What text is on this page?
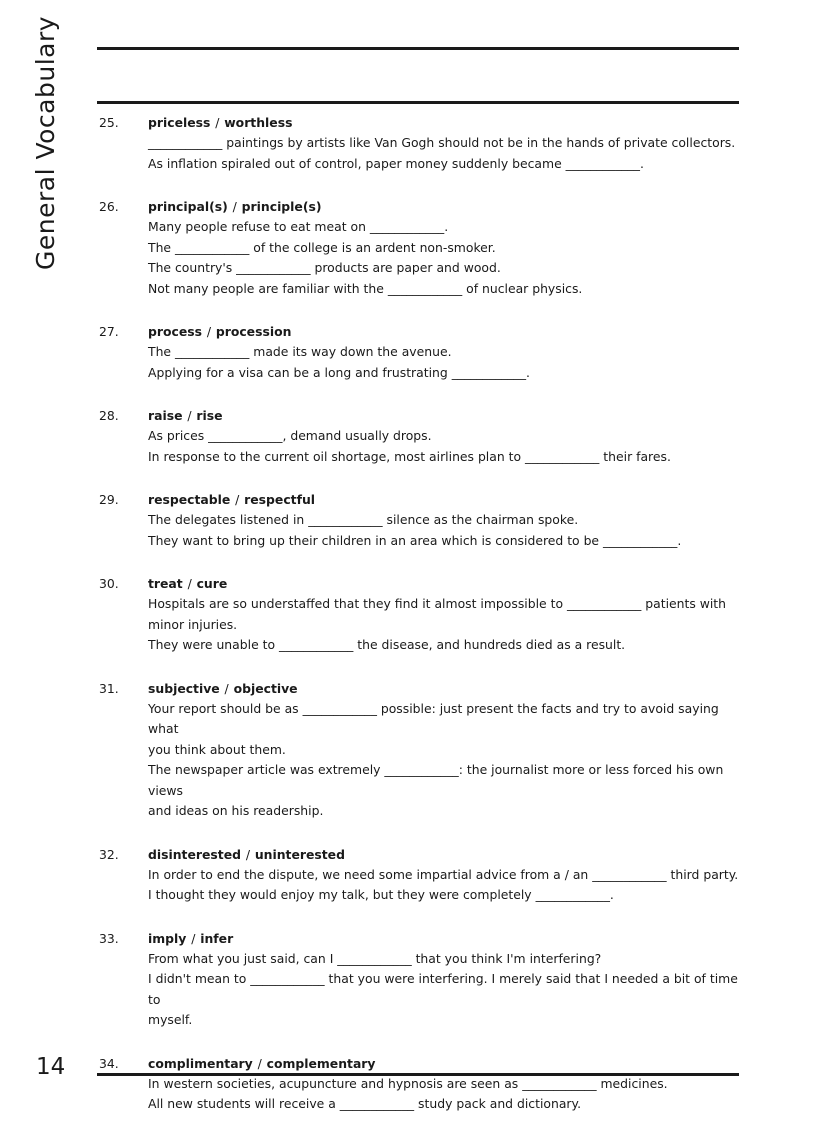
General Vocabulary	25. priceless / worthless
____________ paintings by artists like Van Gogh should not be in the hands of private collectors.
As inflation spiraled out of control, paper money suddenly became ____________.
26. principal(s) / principle(s)
Many people refuse to eat meat on ____________.
The ____________ of the college is an ardent non-smoker.
The country's ____________ products are paper and wood.
Not many people are familiar with the ____________ of nuclear physics.
27. process / procession
The ____________ made its way down the avenue.
Applying for a visa can be a long and frustrating ____________.
28. raise / rise
As prices ____________, demand usually drops.
In response to the current oil shortage, most airlines plan to ____________ their fares.
29. respectable / respectful
The delegates listened in ____________ silence as the chairman spoke.
They want to bring up their children in an area which is considered to be ____________.
30. treat / cure
Hospitals are so understaffed that they find it almost impossible to ____________ patients with
minor injuries.
They were unable to ____________ the disease, and hundreds died as a result.
31. subjective / objective
Your report should be as ____________ possible: just present the facts and try to avoid saying what
you think about them.
The newspaper article was extremely ____________: the journalist more or less forced his own views
and ideas on his readership.
32. disinterested / uninterested
In order to end the dispute, we need some impartial advice from a / an ____________ third party.
I thought they would enjoy my talk, but they were completely ____________.
33. imply / infer
From what you just said, can I ____________ that you think I'm interfering?
I didn't mean to ____________ that you were interfering. I merely said that I needed a bit of time to
myself.
34. complimentary / complementary
In western societies, acupuncture and hypnosis are seen as ____________ medicines.
All new students will receive a ____________ study pack and dictionary.
14
